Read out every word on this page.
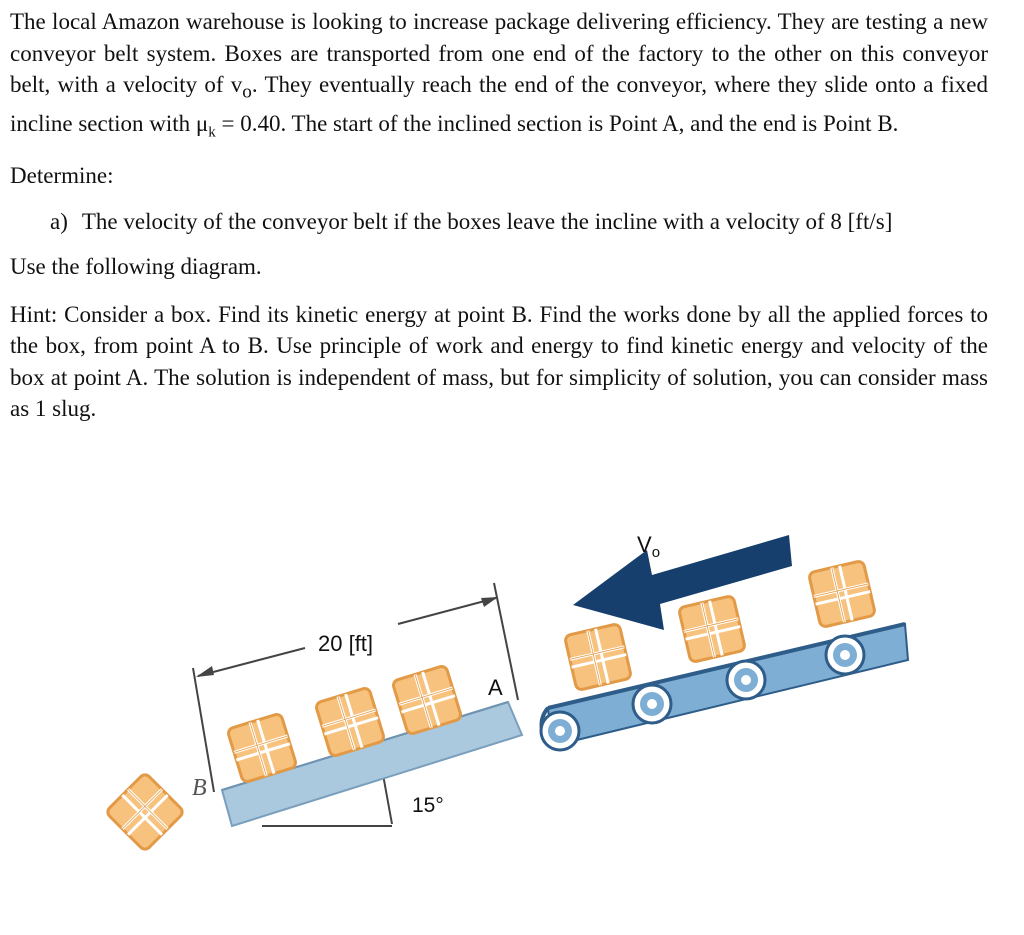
The local Amazon warehouse is looking to increase package delivering efficiency. They are testing a new conveyor belt system. Boxes are transported from one end of the factory to the other on this conveyor belt, with a velocity of $v_o$. They eventually reach the end of the conveyor, where they slide onto a fixed incline section with $\mu_k = 0.40$. The start of the inclined section is Point A, and the end is Point B.

Determine:

a) The velocity of the conveyor belt if the boxes leave the incline with a velocity of 8 [ft/s]

Use the following diagram.

Hint: Consider a box. Find its kinetic energy at point B. Find the works done by all the applied forces to the box, from point A to B. Use principle of work and energy to find kinetic energy and velocity of the box at point A. The solution is independent of mass, but for simplicity of solution, you can consider mass as 1 slug.

20 [ft]
15°
A
B
$V_o$
